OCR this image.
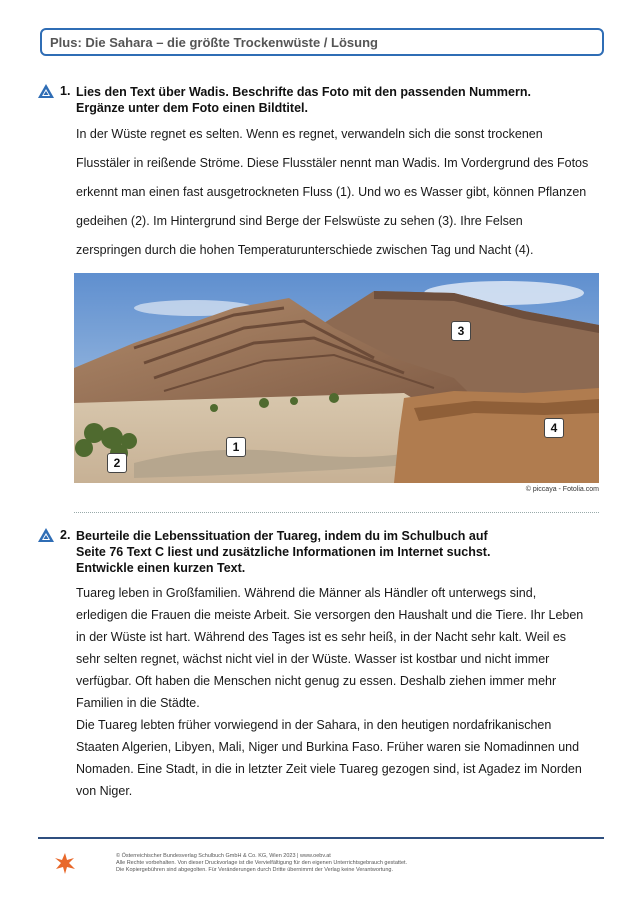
Plus: Die Sahara – die größte Trockenwüste / Lösung
1. Lies den Text über Wadis. Beschrifte das Foto mit den passenden Nummern.
Ergänze unter dem Foto einen Bildtitel.
In der Wüste regnet es selten. Wenn es regnet, verwandeln sich die sonst trockenen
Flusstäler in reißende Ströme. Diese Flusstäler nennt man Wadis. Im Vordergrund des Fotos
erkennt man einen fast ausgetrockneten Fluss (1). Und wo es Wasser gibt, können Pflanzen
gedeihen (2). Im Hintergrund sind Berge der Felswüste zu sehen (3). Ihre Felsen
zerspringen durch die hohen Temperaturunterschiede zwischen Tag und Nacht (4).
1
2
3
4
© piccaya - Fotolia.com
2. Beurteile die Lebenssituation der Tuareg, indem du im Schulbuch auf
Seite 76 Text C liest und zusätzliche Informationen im Internet suchst.
Entwickle einen kurzen Text.
Tuareg leben in Großfamilien. Während die Männer als Händler oft unterwegs sind,
erledigen die Frauen die meiste Arbeit. Sie versorgen den Haushalt und die Tiere. Ihr Leben
in der Wüste ist hart. Während des Tages ist es sehr heiß, in der Nacht sehr kalt. Weil es
sehr selten regnet, wächst nicht viel in der Wüste. Wasser ist kostbar und nicht immer
verfügbar. Oft haben die Menschen nicht genug zu essen. Deshalb ziehen immer mehr
Familien in die Städte.
Die Tuareg lebten früher vorwiegend in der Sahara, in den heutigen nordafrikanischen
Staaten Algerien, Libyen, Mali, Niger und Burkina Faso. Früher waren sie Nomadinnen und
Nomaden. Eine Stadt, in die in letzter Zeit viele Tuareg gezogen sind, ist Agadez im Norden
von Niger.
© Österreichischer Bundesverlag Schulbuch GmbH & Co. KG, Wien 2023 | www.oebv.at
Alle Rechte vorbehalten. Von dieser Druckvorlage ist die Vervielfältigung für den eigenen Unterrichtsgebrauch gestattet.
Die Kopiergebühren sind abgegolten. Für Veränderungen durch Dritte übernimmt der Verlag keine Verantwortung.
